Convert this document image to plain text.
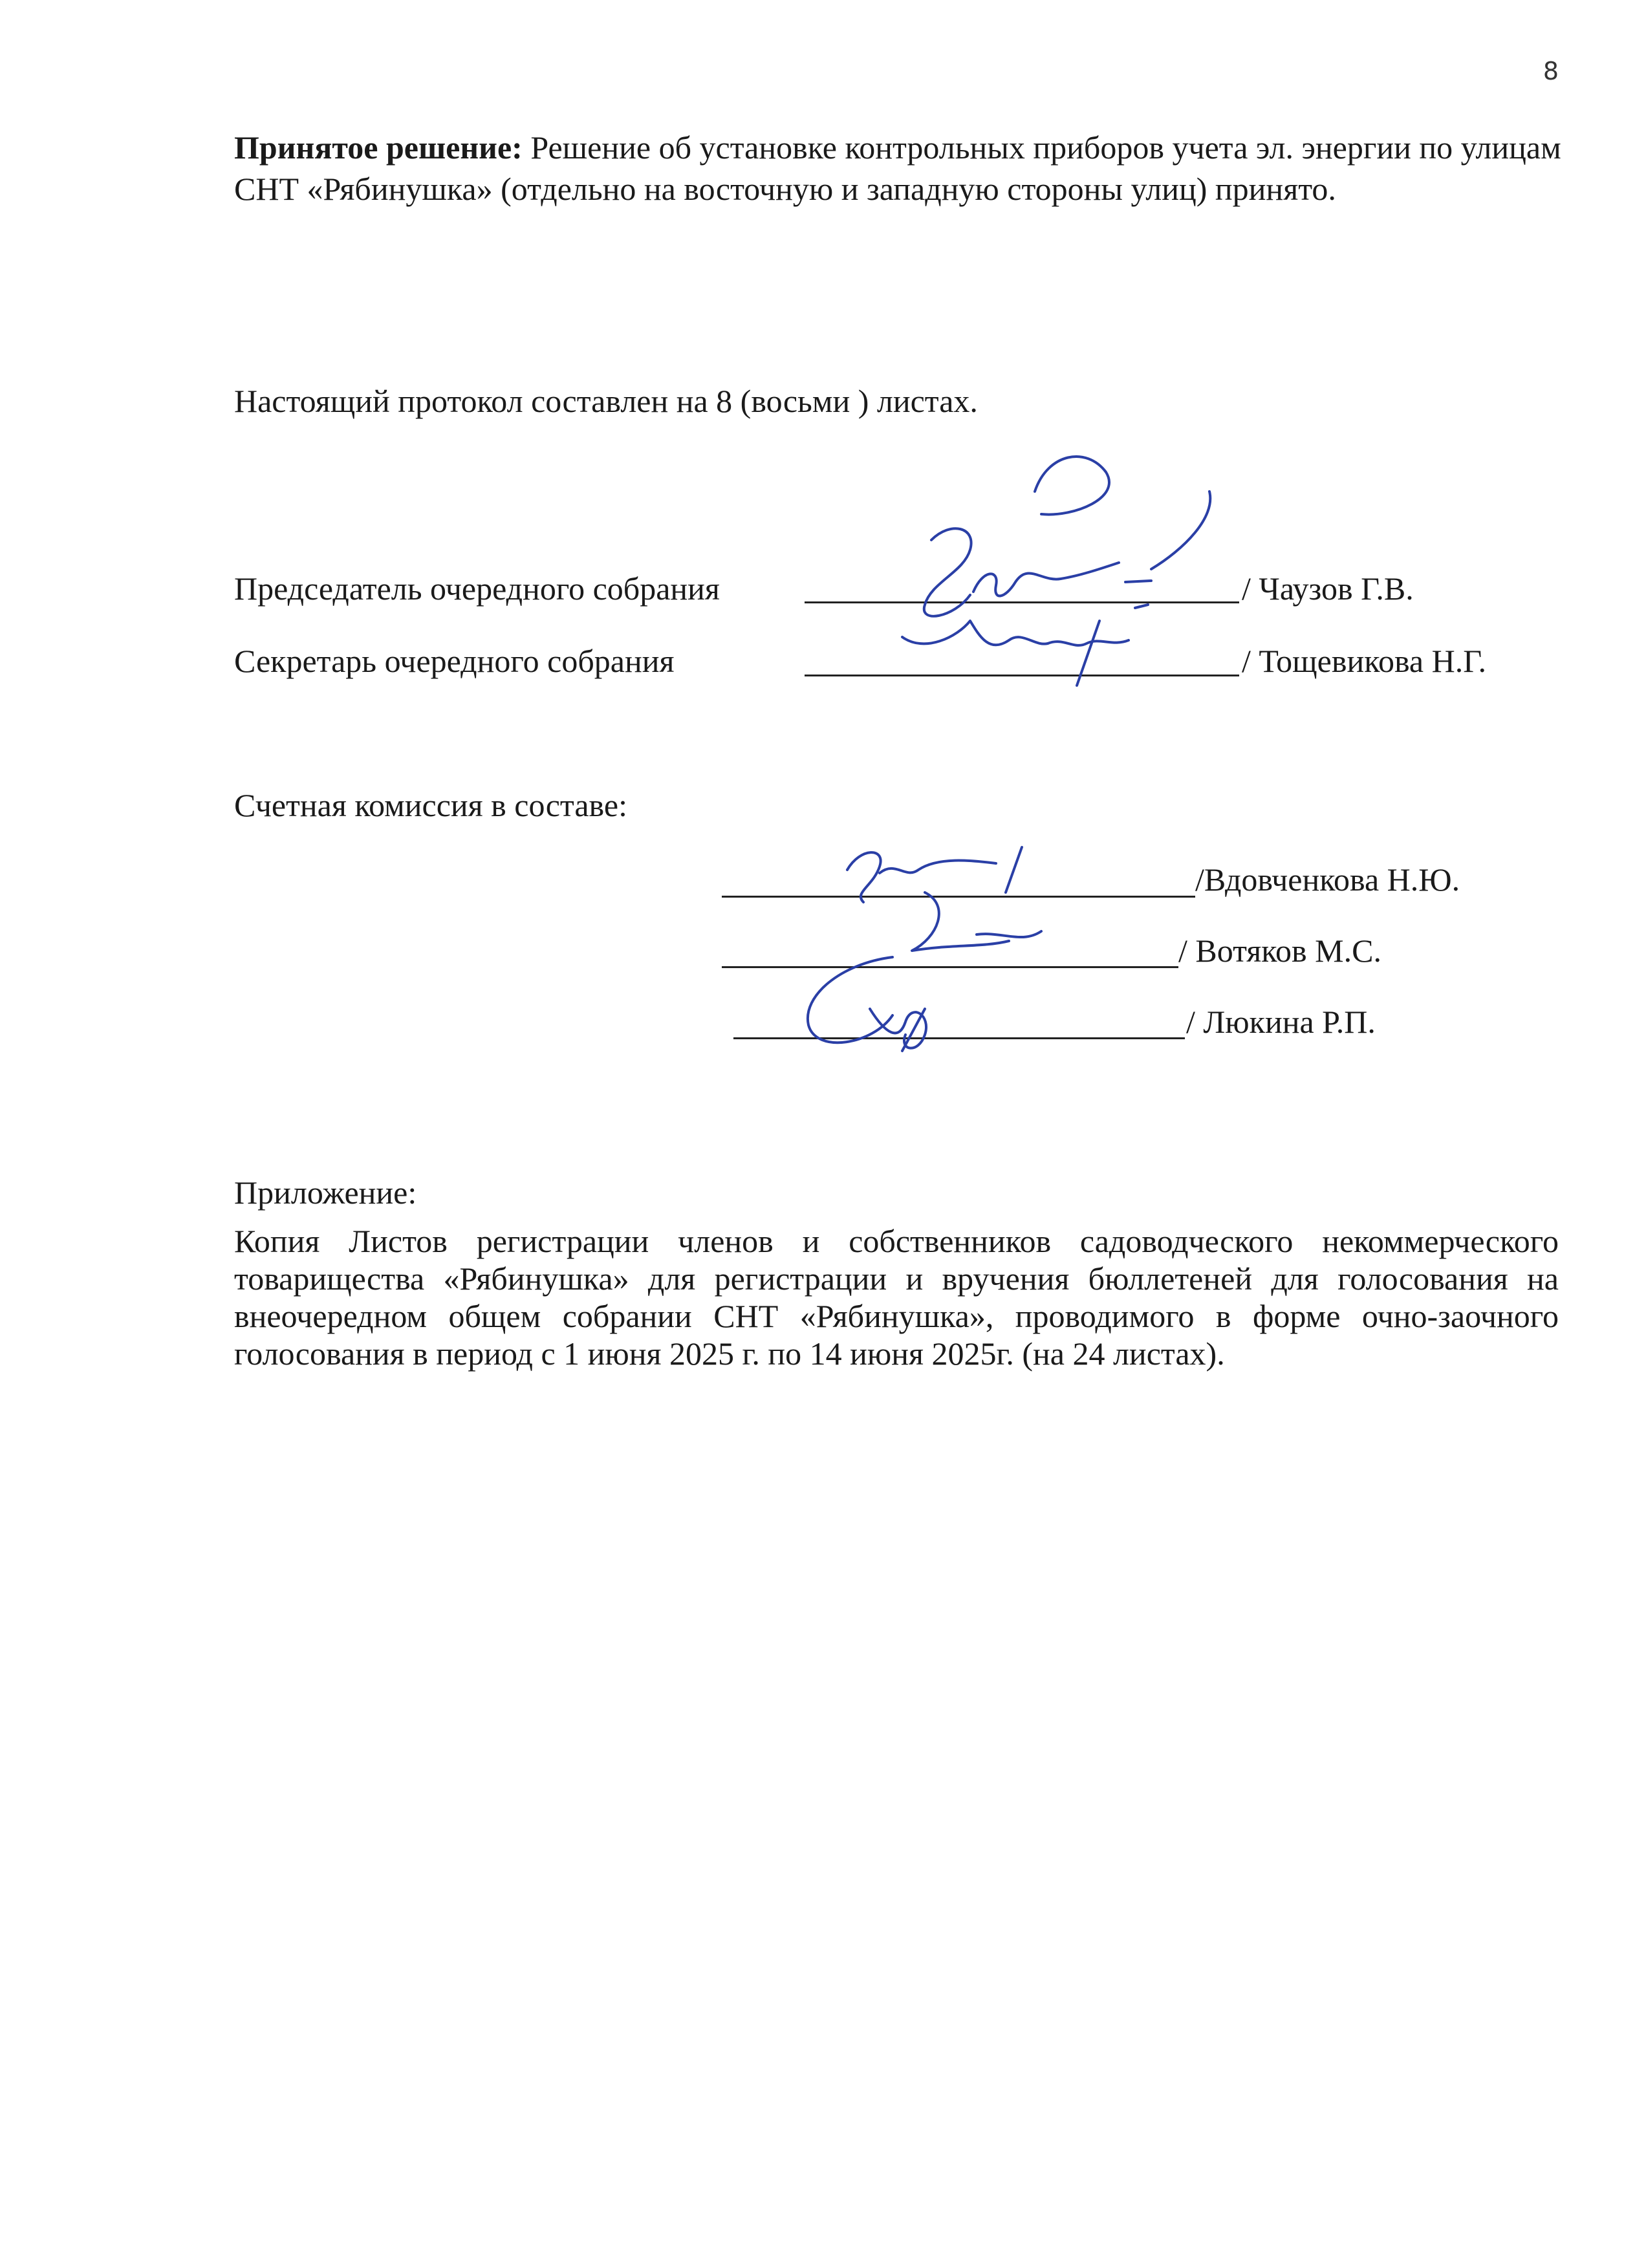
8
Принятое решение: Решение об установке контрольных приборов учета эл. энергии по улицам СНТ «Рябинушка» (отдельно на восточную и западную стороны улиц) принято.
Настоящий протокол составлен на 8 (восьми ) листах.
Председатель очередного собрания	/ Чаузов Г.В.
Секретарь очередного собрания	/ Тощевикова Н.Г.
Счетная комиссия в составе:
/Вдовченкова Н.Ю.
/ Вотяков М.С.
/ Люкина Р.П.
Приложение:
Копия Листов регистрации членов и собственников садоводческого некоммерческого товарищества «Рябинушка» для регистрации и вручения бюллетеней для голосования на внеочередном общем собрании СНТ «Рябинушка», проводимого в форме очно-заочного голосования в период с 1 июня 2025 г. по 14 июня 2025г. (на 24 листах).
